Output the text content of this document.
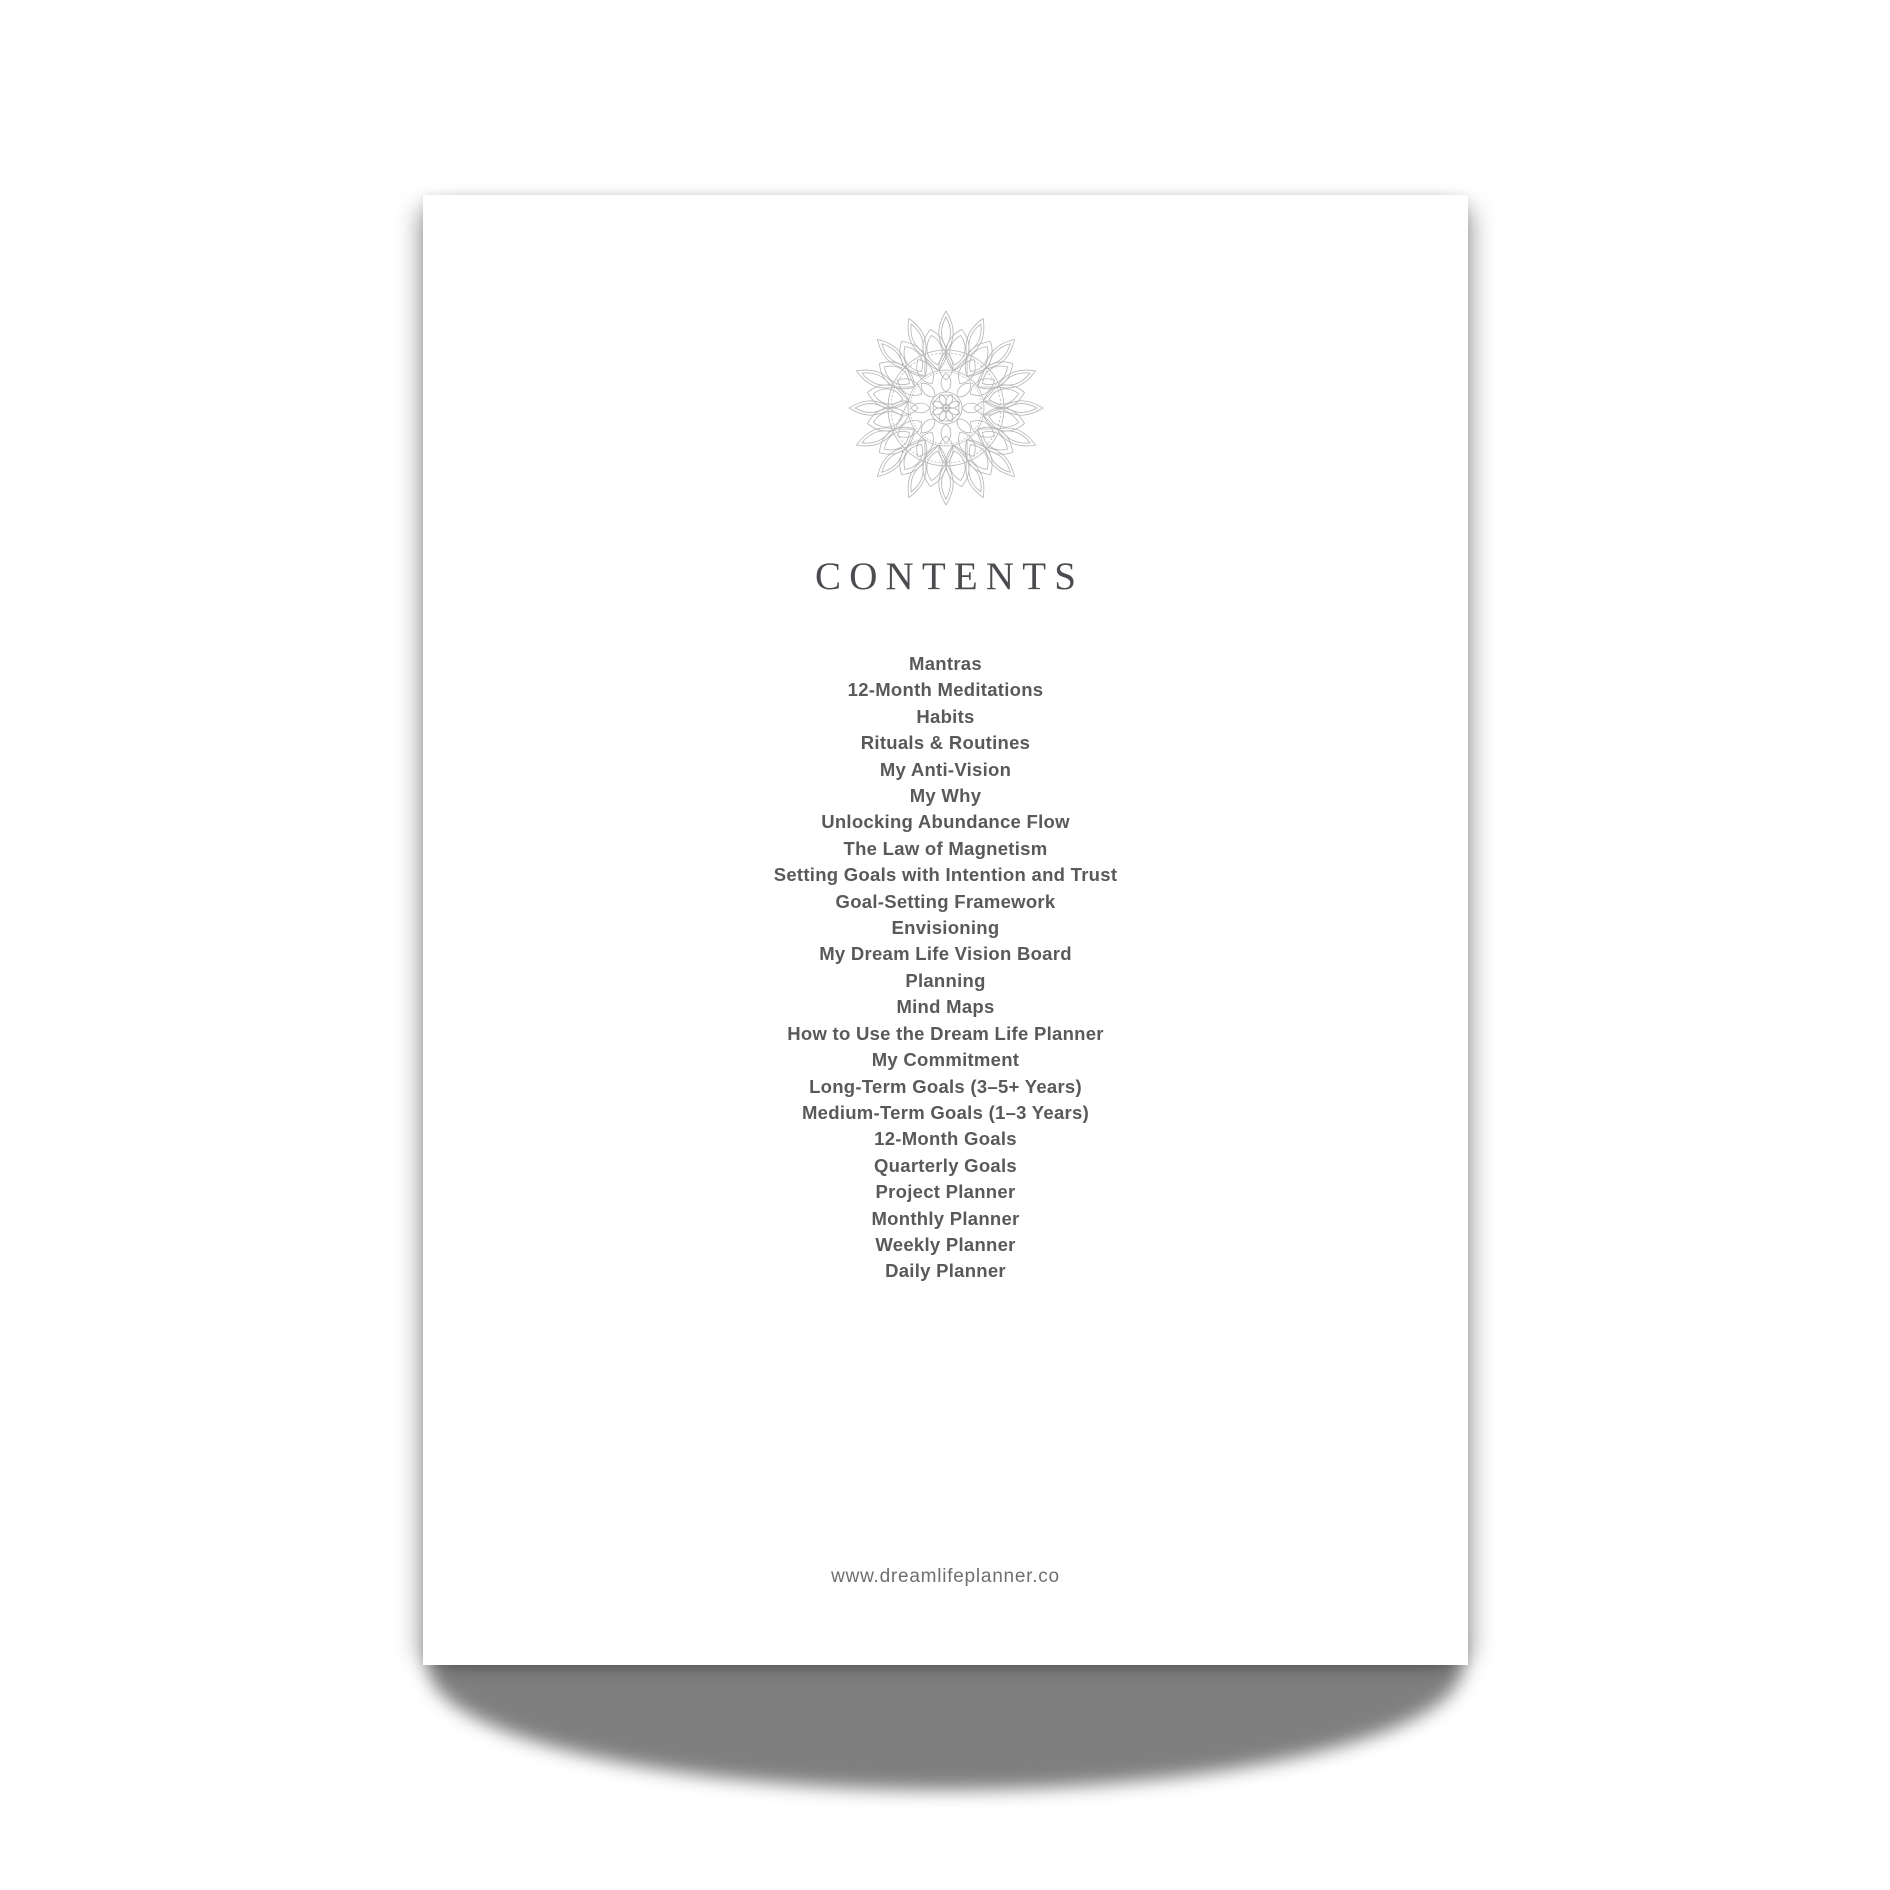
CONTENTS
Mantras
12-Month Meditations
Habits
Rituals & Routines
My Anti-Vision
My Why
Unlocking Abundance Flow
The Law of Magnetism
Setting Goals with Intention and Trust
Goal-Setting Framework
Envisioning
My Dream Life Vision Board
Planning
Mind Maps
How to Use the Dream Life Planner
My Commitment
Long-Term Goals (3–5+ Years)
Medium-Term Goals (1–3 Years)
12-Month Goals
Quarterly Goals
Project Planner
Monthly Planner
Weekly Planner
Daily Planner
www.dreamlifeplanner.co
